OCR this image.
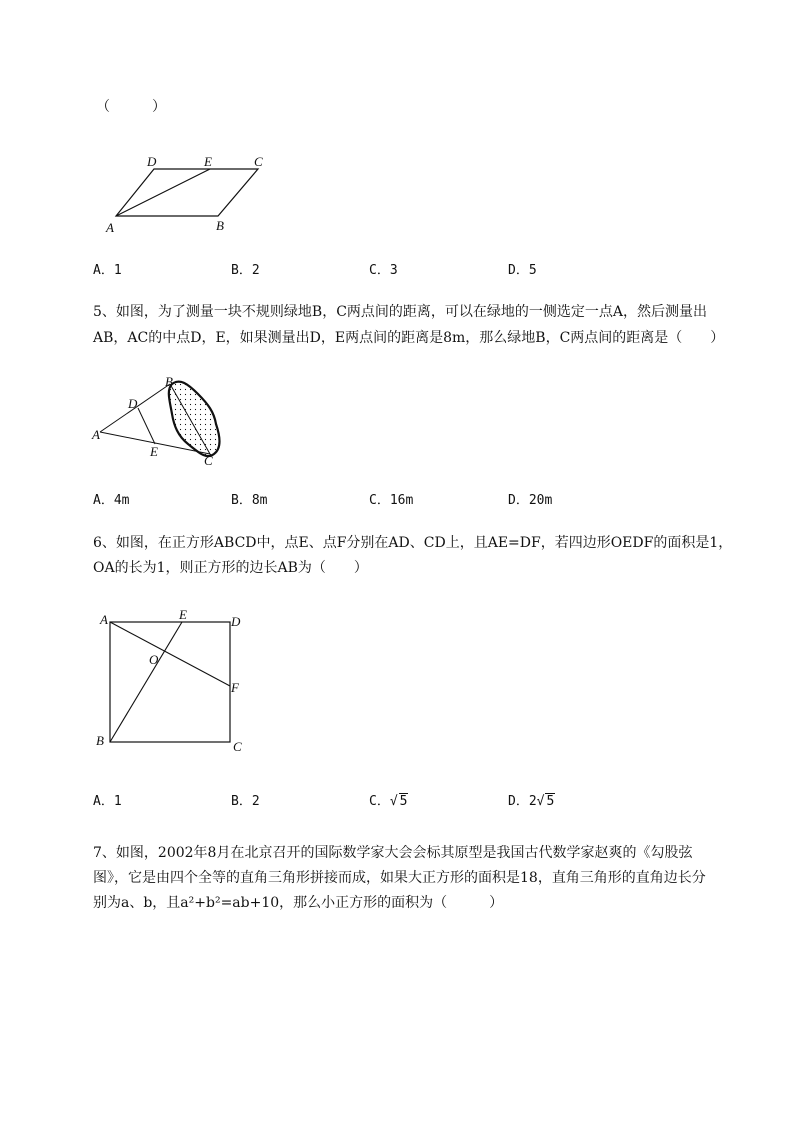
（　　　）
D	E	C
A	B
A．1	B．2	C．3	D．5
5、如图，为了测量一块不规则绿地B，C两点间的距离，可以在绿地的一侧选定一点A，然后测量出
AB，AC的中点D，E，如果测量出D，E两点间的距离是8m，那么绿地B，C两点间的距离是（　　）
B
D
A
E
C
A．4m	B．8m	C．16m	D．20m
6、如图，在正方形ABCD中，点E、点F分别在AD、CD上，且AE=DF，若四边形OEDF的面积是1，
OA的长为1，则正方形的边长AB为（　　）
A	E	D
O
F
B	C
A．1	B．2	C．√ 5	D．2√ 5
7、如图，2002年8月在北京召开的国际数学家大会会标其原型是我国古代数学家赵爽的《勾股弦
图》，它是由四个全等的直角三角形拼接而成，如果大正方形的面积是18，直角三角形的直角边长分
别为a、b，且a²+b²=ab+10，那么小正方形的面积为（　　　）
